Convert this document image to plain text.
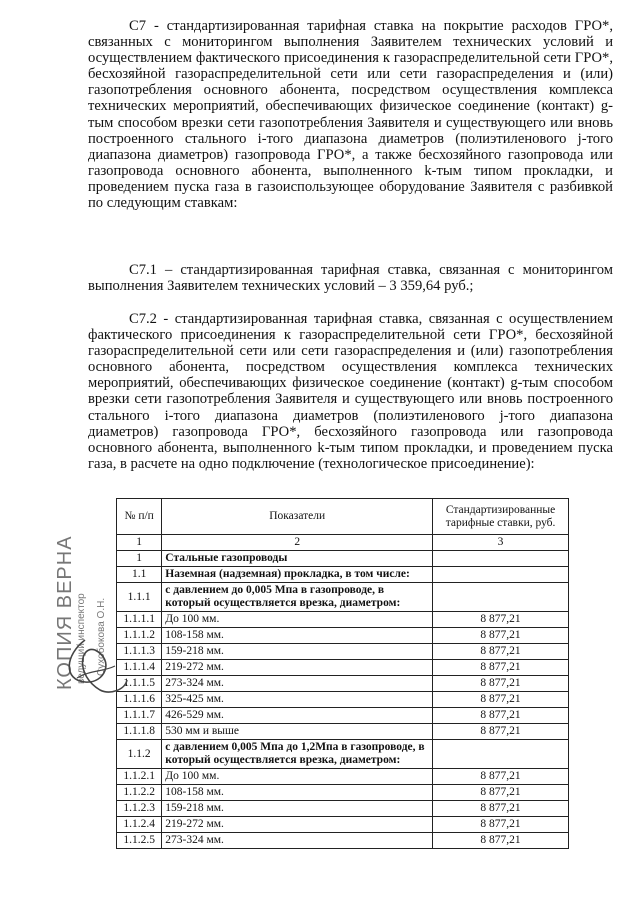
С7 - стандартизированная тарифная ставка на покрытие расходов ГРО*, связанных с мониторингом выполнения Заявителем технических условий и осуществлением фактического присоединения к газораспределительной сети ГРО*, бесхозяйной газораспределительной сети или сети газораспределения и (или) газопотребления основного абонента, посредством осуществления комплекса технических мероприятий, обеспечивающих физическое соединение (контакт) g-тым способом врезки сети газопотребления Заявителя и существующего или вновь построенного стального i-того диапазона диаметров (полиэтиленового j-того диапазона диаметров) газопровода ГРО*, а также бесхозяйного газопровода или газопровода основного абонента, выполненного k-тым типом прокладки, и проведением пуска газа в газоиспользующее оборудование Заявителя с разбивкой по следующим ставкам:

С7.1 – стандартизированная тарифная ставка, связанная с мониторингом выполнения Заявителем технических условий – 3 359,64 руб.;

С7.2 - стандартизированная тарифная ставка, связанная с осуществлением фактического присоединения к газораспределительной сети ГРО*, бесхозяйной газораспределительной сети или сети газораспределения и (или) газопотребления основного абонента, посредством осуществления комплекса технических мероприятий, обеспечивающих физическое соединение (контакт) g-тым способом врезки сети газопотребления Заявителя и существующего или вновь построенного стального i-того диапазона диаметров (полиэтиленового j-того диапазона диаметров) газопровода ГРО*, бесхозяйного газопровода или газопровода основного абонента, выполненного k-тым типом прокладки, и проведением пуска газа, в расчете на одно подключение (технологическое присоединение):

№ п/п	Показатели	Стандартизированные тарифные ставки, руб.
1	2	3
1	Стальные газопроводы	
1.1	Наземная (надземная) прокладка, в том числе:	
1.1.1	с давлением до 0,005 Мпа в газопроводе, в который осуществляется врезка, диаметром:	
1.1.1.1	До 100 мм.	8 877,21
1.1.1.2	108-158 мм.	8 877,21
1.1.1.3	159-218 мм.	8 877,21
1.1.1.4	219-272 мм.	8 877,21
1.1.1.5	273-324 мм.	8 877,21
1.1.1.6	325-425 мм.	8 877,21
1.1.1.7	426-529 мм.	8 877,21
1.1.1.8	530 мм и выше	8 877,21
1.1.2	с давлением 0,005 Мпа до 1,2Мпа в газопроводе, в который осуществляется врезка, диаметром:	
1.1.2.1	До 100 мм.	8 877,21
1.1.2.2	108-158 мм.	8 877,21
1.1.2.3	159-218 мм.	8 877,21
1.1.2.4	219-272 мм.	8 877,21
1.1.2.5	273-324 мм.	8 877,21
КОПИЯ ВЕРНА ведущий инспектор Сухобокова О.Н.
